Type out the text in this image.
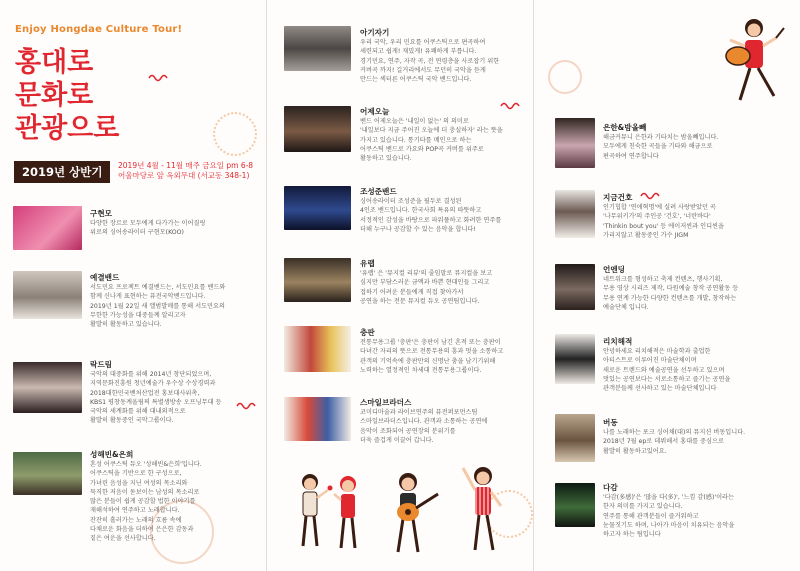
Enjoy Hongdae Culture Tour!
홍대로
문화로
관광으로
2019년 상반기	2019년 4월 - 11월 매주 금요일 pm 6-8
어울마당로 앞 옥외무대 (서교동 348-1)
구현모
다양한 장르로 모두에게 다가가는 이어질링
위로의 싱어송라이터 구현모(KOO)
예결밴드
서도민요 프로젝트 예결밴드는, 서도민요를 밴드와
함께 신나게 표현하는 퓨전국악밴드입니다.
2019년 1월 22일 새 앨범발매를 통해 서도민요의
무한한 가능성을 대중들께 알리고자
활발히 활동하고 있습니다.
락드림
국악의 대중화를 위해 2014년 창단되었으며,
지역문화진흥원 청년예술가 우수상 수상경력과
2018대한민국벤처산업전 홍보대사위촉,
KBS1 평창동계올림픽 특별생방송 오프닝무대 등
국악의 세계화를 위해 대내외적으로
활발히 활동중인 국악그룹이다.
성해빈&은희
혼성 어쿠스틱 듀오 '성해빈&은희'입니다.
어쿠스틱을 기반으로 한 구성으로,
가녀린 음성을 지닌 여성의 목소리와
묵직한 저음이 돋보이는 남성의 목소리로
많은 분들이 쉽게 공감할 법한 이야기를
재해석하여 연주하고 노래합니다.
잔잔히 흘러가는 노래의 흐름 속에
다채로운 화음을 더하여 은은한 감동과
짙은 여운을 선사합니다.
아기자기
우리 국악, 우리 민요를 어쿠스틱으로 편곡하여
세련되고 쉽게! 재밌게! 유쾌하게 부릅니다.
경기민요, 연주, 자작 곡, 전 연령층을 사로잡기 위한
커버곡 까지! 길거리에서도 무던히 국악을 듣게
만드는 섹터른 어쿠스틱 국악 밴드입니다.
어제오늘
밴드 어제오늘은 '내일이 없는' 의 의미로
'내일보다 지금 주어진 오늘에 더 충실하자' 라는 뜻을
가지고 있습니다. 통기타를 메인으로 하는
어쿠스틱 밴드로 가요와 POP곡 커버를 위주로
활동하고 있습니다.
조성준밴드
싱어송라이터 조성준을 필두로 결성된
4인조 밴드입니다. 한국사회 특유의 따뜻하고
서정적인 감성을 바탕으로 파워풀하고 화려한 연주를
더해 누구나 공감할 수 있는 음악을 합니다!
유랩
'유랩' 은 '뮤지컬 리뷰'의 줄임말로 뮤지컬을 보고
싶지만 부담스러운 금액과 바쁜 현대인들 그리고
접하기 어려운 분들에게 직접 찾아가서
공연을 하는 전문 뮤지컬 듀오 공연팀입니다.
충판
전통무용그룹 '충판'은 충판이 남긴 흔적 또는 충판이
다녀간 자리의 뜻으로 전통무용의 흥과 멋을 소통하고
관객의 기억속에 충판만의 신명난 춤을 남기기위해
노력하는 열정적인 차세대 전통무용그룹이다.
스마일브라더스
코미디마술과 라이브연주의 퓨전퍼포먼스팀
스마일브라더스입니다. 관객과 소통하는 공연에
음악이 조화되어 공연장의 분위기를
더욱 즐겁게 이끌어 갑니다.
은한&밤올빼
해금커뮤니 은한과 기타치는 밤올빼입니다.
모두에게 친숙한 곡들을 기타와 해금으로
편곡하여 연주합니다
지금건호
인기힙합 '연애혁명'에 실려 사랑받았던 곡
'나무위키가'의 주인공 '건호', '너란바다'
'Thinkin bout you' 등 에이저씬과 인디씬을
가리지않고 활동중인 가수 JIGM
언엔딩
네트워크를 형성하고 축제 컨텐츠, 행사기획,
무용 영상 시리즈 제작, 다원예술 창작 공연활동 등
무용 연계 가능한 다양한 컨텐츠를 개발, 창작하는
예술단체 입니다.
리치해적
안녕하세요 리치해적은 마술학과 출업한
아티스트로 이루어진 마술단체이며
새로운 트렌드와 예술공연을 선두하고 있으며
멋있는 공연보다는 서로소통하고 즐기는 공연을
관객분들께 선사하고 있는 마술단체입니다
버동
나를 노래하는 포크 싱어채(대)의 뮤지션 버동입니다.
2018년 7월 ep로 데뷔해서 홍대를 중심으로
활발히 활동하고있어요.
다감
'다감(多感)'은 '많을 다(多)', '느낌 감(感)'이라는
한자 의미를 가지고 있습니다.
연주를 통해 관객분들이 즐거워하고
눈물짓기도 하며, 나아가 마음이 치유되는 음악을
하고자 하는 팀입니다
